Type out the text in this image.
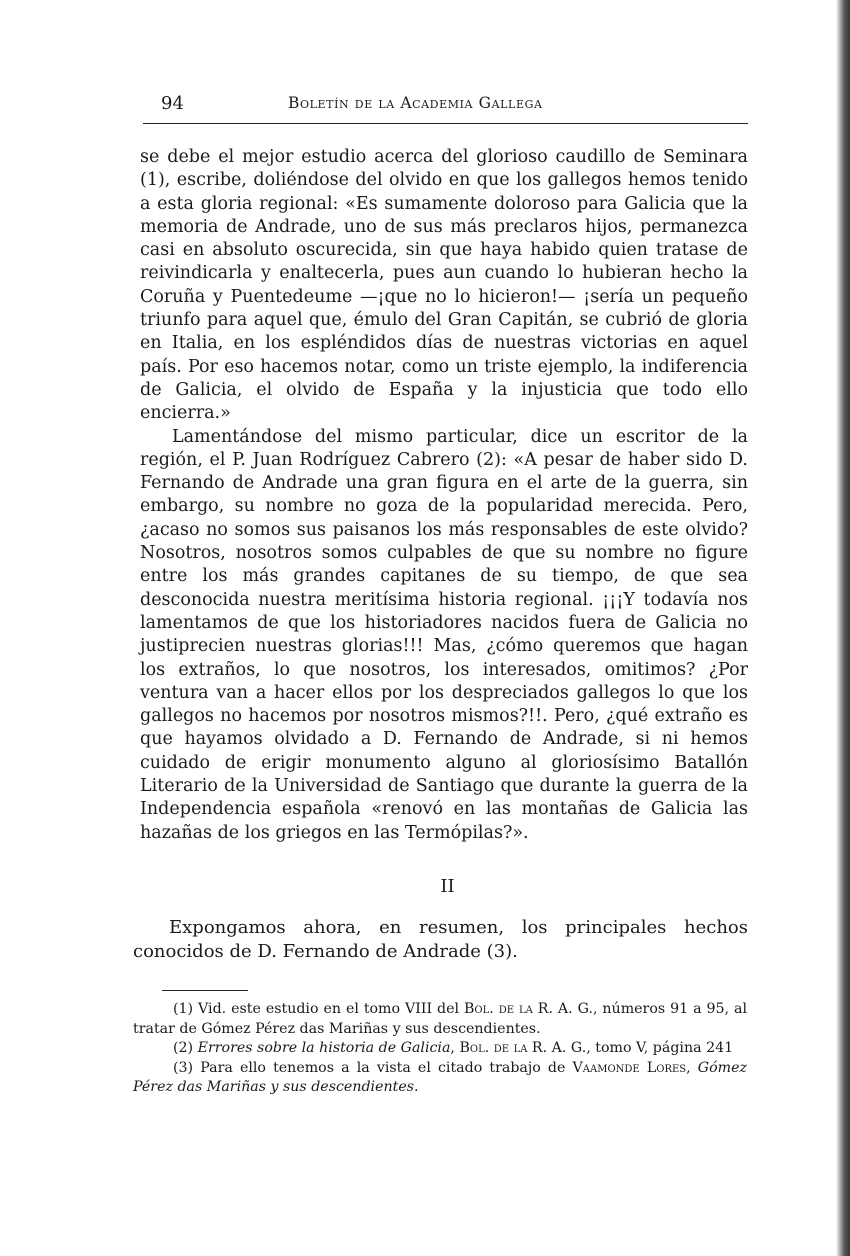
94	Boletín de la Academia Gallega

se debe el mejor estudio acerca del glorioso caudillo de Seminara (1), escribe, doliéndose del olvido en que los gallegos hemos tenido a esta gloria regional: «Es sumamente doloroso para Galicia que la memoria de Andrade, uno de sus más preclaros hijos, permanezca casi en absoluto oscurecida, sin que haya habido quien tratase de reivindicarla y enaltecerla, pues aun cuando lo hubieran hecho la Coruña y Puentedeume —¡que no lo hicieron!— ¡sería un pequeño triunfo para aquel que, émulo del Gran Capitán, se cubrió de gloria en Italia, en los espléndidos días de nuestras victorias en aquel país. Por eso hacemos notar, como un triste ejemplo, la indiferencia de Galicia, el olvido de España y la injusticia que todo ello encierra.»

Lamentándose del mismo particular, dice un escritor de la región, el P. Juan Rodríguez Cabrero (2): «A pesar de haber sido D. Fernando de Andrade una gran figura en el arte de la guerra, sin embargo, su nombre no goza de la popularidad merecida. Pero, ¿acaso no somos sus paisanos los más responsables de este olvido? Nosotros, nosotros somos culpables de que su nombre no figure entre los más grandes capitanes de su tiempo, de que sea desconocida nuestra meritísima historia regional. ¡¡¡Y todavía nos lamentamos de que los historiadores nacidos fuera de Galicia no justiprecien nuestras glorias!!! Mas, ¿cómo queremos que hagan los extraños, lo que nosotros, los interesados, omitimos? ¿Por ventura van a hacer ellos por los despreciados gallegos lo que los gallegos no hacemos por nosotros mismos?!!. Pero, ¿qué extraño es que hayamos olvidado a D. Fernando de Andrade, si ni hemos cuidado de erigir monumento alguno al gloriosísimo Batallón Literario de la Universidad de Santiago que durante la guerra de la Independencia española «renovó en las montañas de Galicia las hazañas de los griegos en las Termópilas?».

II

Expongamos ahora, en resumen, los principales hechos conocidos de D. Fernando de Andrade (3).

(1) Vid. este estudio en el tomo VIII del Bol. de la R. A. G., números 91 a 95, al tratar de Gómez Pérez das Mariñas y sus descendientes.

(2) Errores sobre la historia de Galicia, Bol. de la R. A. G., tomo V, página 241

(3) Para ello tenemos a la vista el citado trabajo de Vaamonde Lores, Gómez Pérez das Mariñas y sus descendientes.
